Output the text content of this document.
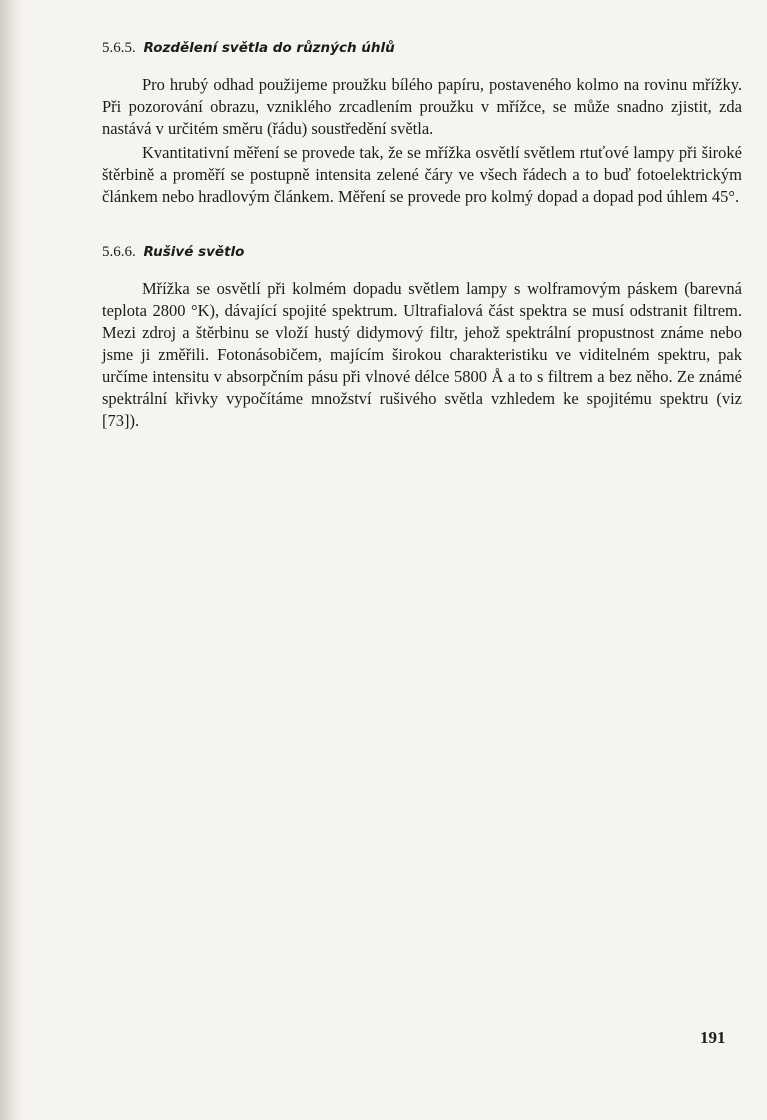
5.6.5. Rozdělení světla do různých úhlů

Pro hrubý odhad použijeme proužku bílého papíru, postaveného kolmo na rovinu mřížky. Při pozorování obrazu, vzniklého zrcadlením proužku v mřížce, se může snadno zjistit, zda nastává v určitém směru (řádu) soustředění světla.

Kvantitativní měření se provede tak, že se mřížka osvětlí světlem rtuťové lampy při široké štěrbině a proměří se postupně intensita zelené čáry ve všech řádech a to buď fotoelektrickým článkem nebo hradlovým článkem. Měření se provede pro kolmý dopad a dopad pod úhlem 45°.

5.6.6. Rušivé světlo

Mřížka se osvětlí při kolmém dopadu světlem lampy s wolframovým páskem (barevná teplota 2800 °K), dávající spojité spektrum. Ultrafialová část spektra se musí odstranit filtrem. Mezi zdroj a štěrbinu se vloží hustý didymový filtr, jehož spektrální propustnost známe nebo jsme ji změřili. Fotonásobičem, majícím širokou charakteristiku ve viditelném spektru, pak určíme intensitu v absorpčním pásu při vlnové délce 5800 Å a to s filtrem a bez něho. Ze známé spektrální křivky vypočítáme množství rušivého světla vzhledem ke spojitému spektru (viz [73]).

191
